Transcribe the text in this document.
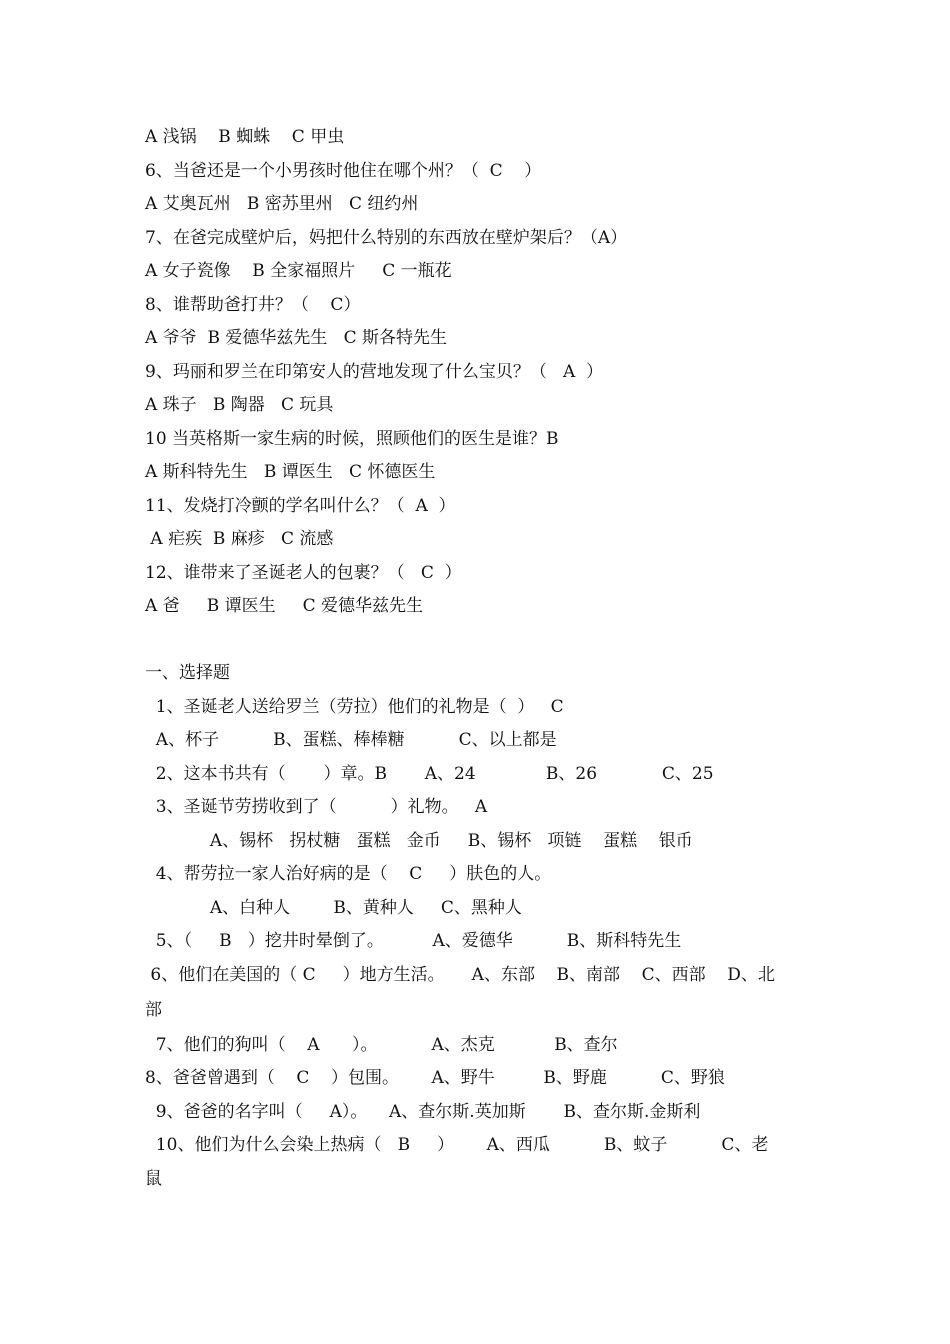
A 浅锅    B 蜘蛛    C 甲虫
6、当爸还是一个小男孩时他住在哪个州？（  C    ）
A 艾奥瓦州   B 密苏里州   C 纽约州
7、在爸完成壁炉后，妈把什么特别的东西放在壁炉架后？（A）
A 女子瓷像    B 全家福照片     C 一瓶花
8、谁帮助爸打井？（    C）
A 爷爷  B 爱德华兹先生   C 斯各特先生
9、玛丽和罗兰在印第安人的营地发现了什么宝贝？（   A  ）
A 珠子   B 陶器   C 玩具
10 当英格斯一家生病的时候，照顾他们的医生是谁？B
A 斯科特先生   B 谭医生   C 怀德医生
11、发烧打冷颤的学名叫什么？（  A  ）
A 疟疾  B 麻疹   C 流感
12、谁带来了圣诞老人的包裹？（   C  ）
A 爸     B 谭医生     C 爱德华兹先生
一、选择题
1、圣诞老人送给罗兰（劳拉）他们的礼物是（  ）   C
A、杯子          B、蛋糕、棒棒糖          C、以上都是
2、这本书共有（       ）章。B       A、24             B、26            C、25
3、圣诞节劳捞收到了（          ）礼物。   A
A、锡杯   拐杖糖   蛋糕   金币     B、锡杯   项链    蛋糕    银币
4、帮劳拉一家人治好病的是（    C     ）肤色的人。
A、白种人        B、黄种人     C、黑种人
5、（     B   ）挖井时晕倒了。         A、爱德华          B、斯科特先生
6、他们在美国的（ C     ）地方生活。     A、东部    B、南部    C、西部    D、北
部
7、他们的狗叫（    A      ）。          A、杰克           B、查尔
8、爸爸曾遇到（    C    ）包围。      A、野牛         B、野鹿          C、野狼
9、爸爸的名字叫（     A）。    A、查尔斯.英加斯       B、查尔斯.金斯利
10、他们为什么会染上热病（   B     ）      A、西瓜          B、蚊子          C、老
鼠
